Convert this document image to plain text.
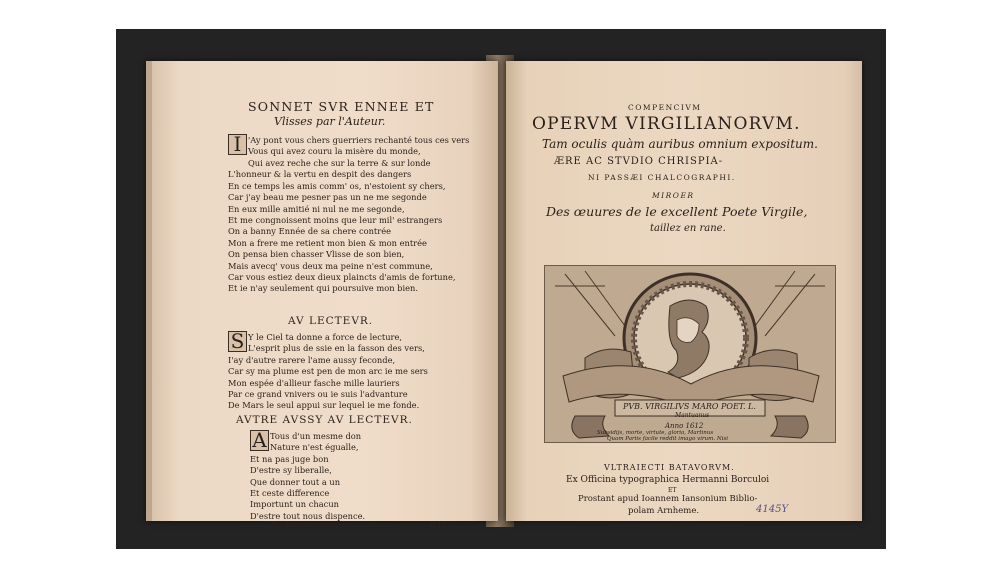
SONNET SVR ENNEE ET
Vlisses par l'Auteur.
I 'Ay pont vous chers guerriers rechanté tous ces vers
Vous qui avez couru la misère du monde,
Qui avez reche che sur la terre & sur londe
L'honneur & la vertu en despit des dangers
En ce temps les amis comm' os, n'estoient sy chers,
Car j'ay beau me pesner pas un ne me segonde
En eux mille amitié ni nul ne me segonde,
Et me congnoissent moins que leur mil' estrangers
On a banny Ennée de sa chere contrée
Mon a frere me retient mon bien & mon entrée
On pensa bien chasser Vlisse de son bien,
Mais avecq' vous deux ma peine n'est commune,
Car vous estiez deux dieux plaincts d'amis de fortune,
Et ie n'ay seulement qui poursuive mon bien.
AV LECTEVR.
S Y le Ciel ta donne a force de lecture,
L'esprit plus de ssie en la fasson des vers,
I'ay d'autre rarere l'ame aussy feconde,
Car sy ma plume est pen de mon arc ie me sers
Mon espée d'allieur fasche mille lauriers
Par ce grand vnivers ou ie suis l'advanture
De Mars le seul appui sur lequel ie me fonde.
AVTRE AVSSY AV LECTEVR.
A Tous d'un mesme don
Nature n'est égualle,
Et na pas juge bon
D'estre sy liberalle,
Que donner tout a un
Et ceste difference
Importunt un chacun
D'estre tout nous dispence.
De bien en mieux.	FIN.
COMPENCIVM
OPERVM VIRGILIANORVM.
Tam oculis quàm auribus omnium expositum.
ÆRE AC STVDIO CHRISPIA-
NI PASSÆI CHALCOGRAPHI.
MIROER
Des œuures de le excellent Poete Virgile,
taillez en rane.
VLTRAIECTI BATAVORVM.
Ex Officina typographica Hermanni Borculoi
ET
Prostant apud Ioannem Iansonium Biblio-
polam Arnheme.
PVB. VIRGILIVS MARO POET. L.
Mantuanus
Anno 1612
Subsidijs, morte, virtute, gloria, Martinus
Quam Pariis facile reddit imago virum. Nisi
4145Y
